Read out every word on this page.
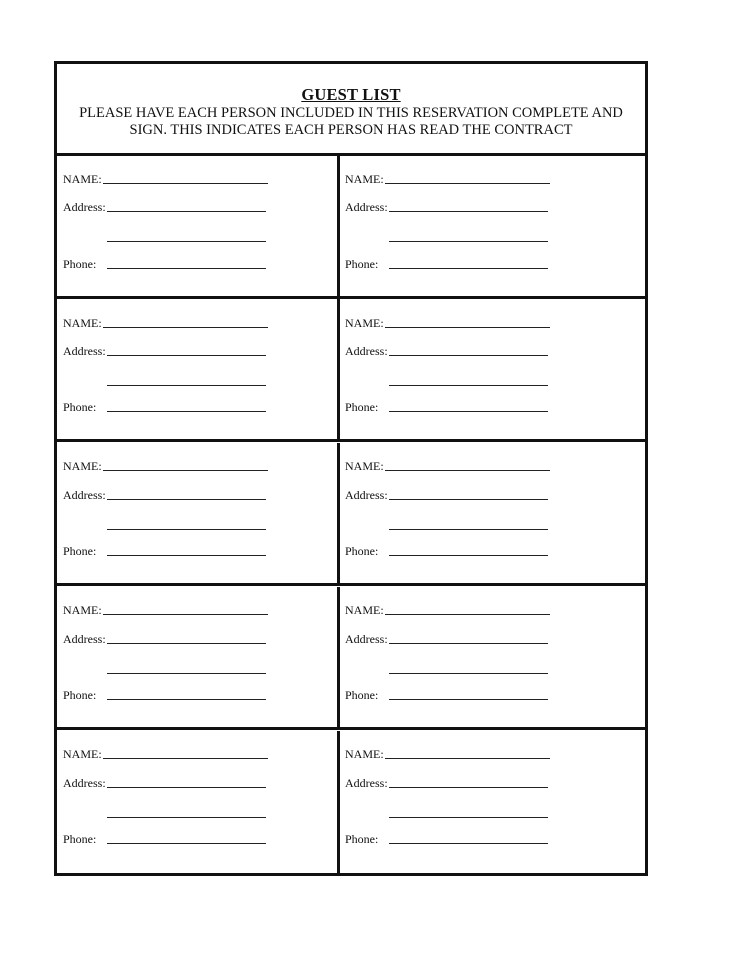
GUEST LIST
PLEASE HAVE EACH PERSON INCLUDED IN THIS RESERVATION COMPLETE AND SIGN. THIS INDICATES EACH PERSON HAS READ THE CONTRACT
NAME:
Address:
Phone:
NAME:
Address:
Phone:
NAME:
Address:
Phone:
NAME:
Address:
Phone:
NAME:
Address:
Phone:
NAME:
Address:
Phone:
NAME:
Address:
Phone:
NAME:
Address:
Phone:
NAME:
Address:
Phone:
NAME:
Address:
Phone:
